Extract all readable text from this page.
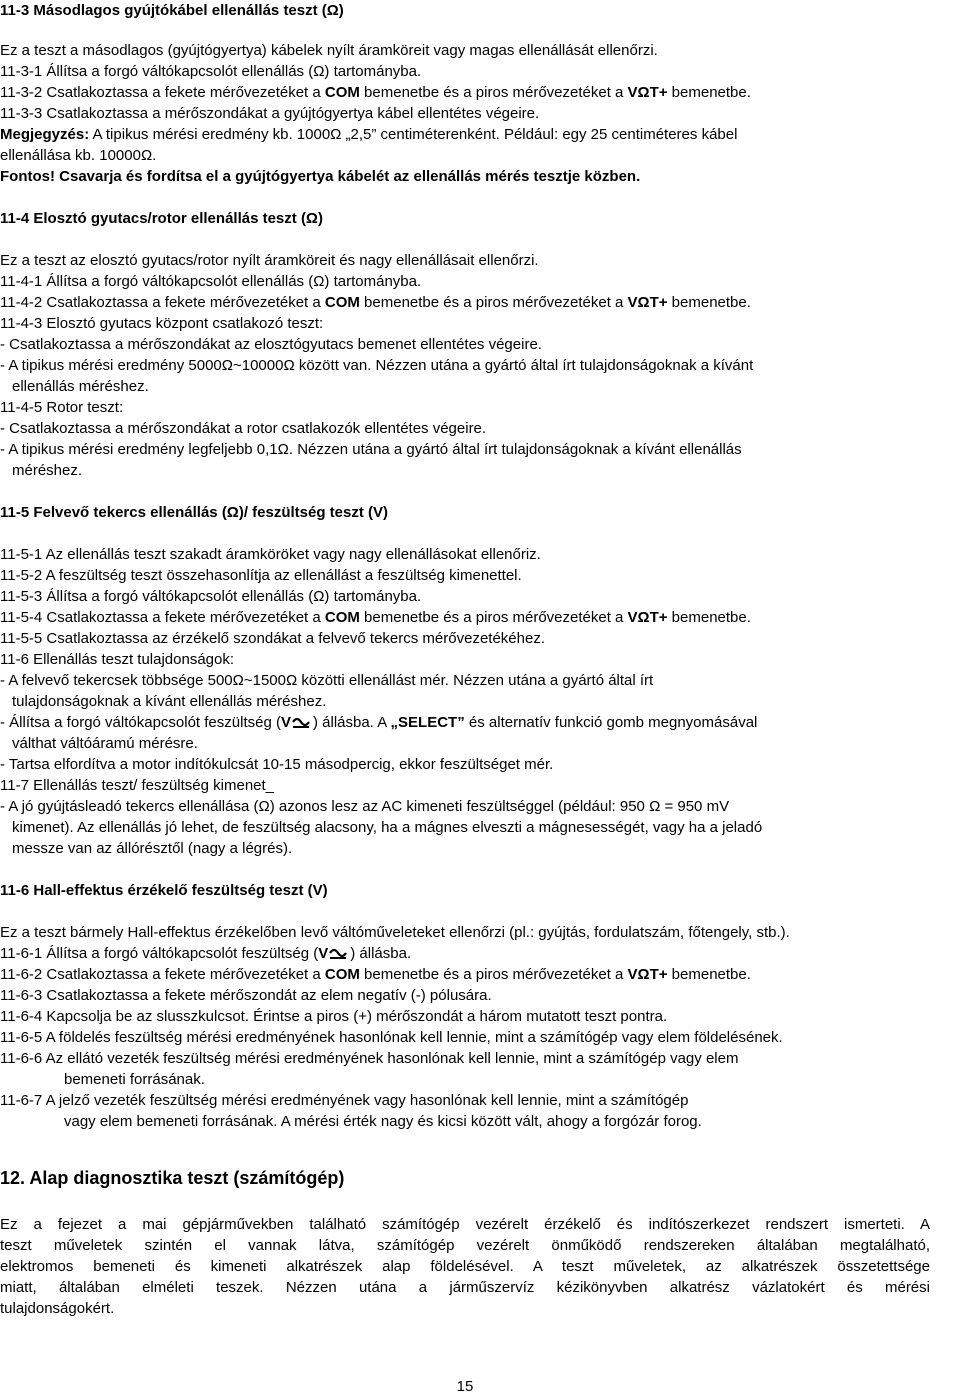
11-3 Másodlagos gyújtókábel ellenállás teszt (Ω)
Ez a teszt a másodlagos (gyújtógyertya) kábelek nyílt áramköreit vagy magas ellenállását ellenőrzi.
11-3-1 Állítsa a forgó váltókapcsolót ellenállás (Ω) tartományba.
11-3-2 Csatlakoztassa a fekete mérővezetéket a COM bemenetbe és a piros mérővezetéket a VΩT+ bemenetbe.
11-3-3 Csatlakoztassa a mérőszondákat a gyújtógyertya kábel ellentétes végeire.
Megjegyzés: A tipikus mérési eredmény kb. 1000Ω „2,5” centiméterenként. Például: egy 25 centiméteres kábel
ellenállása kb. 10000Ω.
Fontos! Csavarja és fordítsa el a gyújtógyertya kábelét az ellenállás mérés tesztje közben.
11-4 Elosztó gyutacs/rotor ellenállás teszt (Ω)
Ez a teszt az elosztó gyutacs/rotor nyílt áramköreit és nagy ellenállásait ellenőrzi.
11-4-1 Állítsa a forgó váltókapcsolót ellenállás (Ω) tartományba.
11-4-2 Csatlakoztassa a fekete mérővezetéket a COM bemenetbe és a piros mérővezetéket a VΩT+ bemenetbe.
11-4-3 Elosztó gyutacs központ csatlakozó teszt:
- Csatlakoztassa a mérőszondákat az elosztógyutacs bemenet ellentétes végeire.
- A tipikus mérési eredmény 5000Ω~10000Ω között van. Nézzen utána a gyártó által írt tulajdonságoknak a kívánt
ellenállás méréshez.
11-4-5 Rotor teszt:
- Csatlakoztassa a mérőszondákat a rotor csatlakozók ellentétes végeire.
- A tipikus mérési eredmény legfeljebb 0,1Ω. Nézzen utána a gyártó által írt tulajdonságoknak a kívánt ellenállás
méréshez.
11-5 Felvevő tekercs ellenállás (Ω)/ feszültség teszt (V)
11-5-1 Az ellenállás teszt szakadt áramköröket vagy nagy ellenállásokat ellenőriz.
11-5-2 A feszültség teszt összehasonlítja az ellenállást a feszültség kimenettel.
11-5-3 Állítsa a forgó váltókapcsolót ellenállás (Ω) tartományba.
11-5-4 Csatlakoztassa a fekete mérővezetéket a COM bemenetbe és a piros mérővezetéket a VΩT+ bemenetbe.
11-5-5 Csatlakoztassa az érzékelő szondákat a felvevő tekercs mérővezetékéhez.
11-6 Ellenállás teszt tulajdonságok:
- A felvevő tekercsek többsége 500Ω~1500Ω közötti ellenállást mér. Nézzen utána a gyártó által írt
tulajdonságoknak a kívánt ellenállás méréshez.
- Állítsa a forgó váltókapcsolót feszültség (V ) állásba. A „SELECT” és alternatív funkció gomb megnyomásával
válthat váltóáramú mérésre.
- Tartsa elfordítva a motor indítókulcsát 10-15 másodpercig, ekkor feszültséget mér.
11-7 Ellenállás teszt/ feszültség kimenet_
- A jó gyújtásleadó tekercs ellenállása (Ω) azonos lesz az AC kimeneti feszültséggel (például: 950 Ω = 950 mV
kimenet). Az ellenállás jó lehet, de feszültség alacsony, ha a mágnes elveszti a mágnesességét, vagy ha a jeladó
messze van az állórésztől (nagy a légrés).
11-6 Hall-effektus érzékelő feszültség teszt (V)
Ez a teszt bármely Hall-effektus érzékelőben levő váltóműveleteket ellenőrzi (pl.: gyújtás, fordulatszám, főtengely, stb.).
11-6-1 Állítsa a forgó váltókapcsolót feszültség (V ) állásba.
11-6-2 Csatlakoztassa a fekete mérővezetéket a COM bemenetbe és a piros mérővezetéket a VΩT+ bemenetbe.
11-6-3 Csatlakoztassa a fekete mérőszondát az elem negatív (-) pólusára.
11-6-4 Kapcsolja be az slusszkulcsot. Érintse a piros (+) mérőszondát a három mutatott teszt pontra.
11-6-5 A földelés feszültség mérési eredményének hasonlónak kell lennie, mint a számítógép vagy elem földelésének.
11-6-6 Az ellátó vezeték feszültség mérési eredményének hasonlónak kell lennie, mint a számítógép vagy elem
bemeneti forrásának.
11-6-7 A jelző vezeték feszültség mérési eredményének vagy hasonlónak kell lennie, mint a számítógép
vagy elem bemeneti forrásának. A mérési érték nagy és kicsi között vált, ahogy a forgózár forog.
12. Alap diagnosztika teszt (számítógép)
Ez a fejezet a mai gépjárművekben található számítógép vezérelt érzékelő és indítószerkezet rendszert ismerteti. A
teszt műveletek szintén el vannak látva, számítógép vezérelt önműködő rendszereken általában megtalálható,
elektromos bemeneti és kimeneti alkatrészek alap földelésével. A teszt műveletek, az alkatrészek összetettsége
miatt, általában elméleti teszek. Nézzen utána a járműszervíz kézikönyvben alkatrész vázlatokért és mérési
tulajdonságokért.
15
